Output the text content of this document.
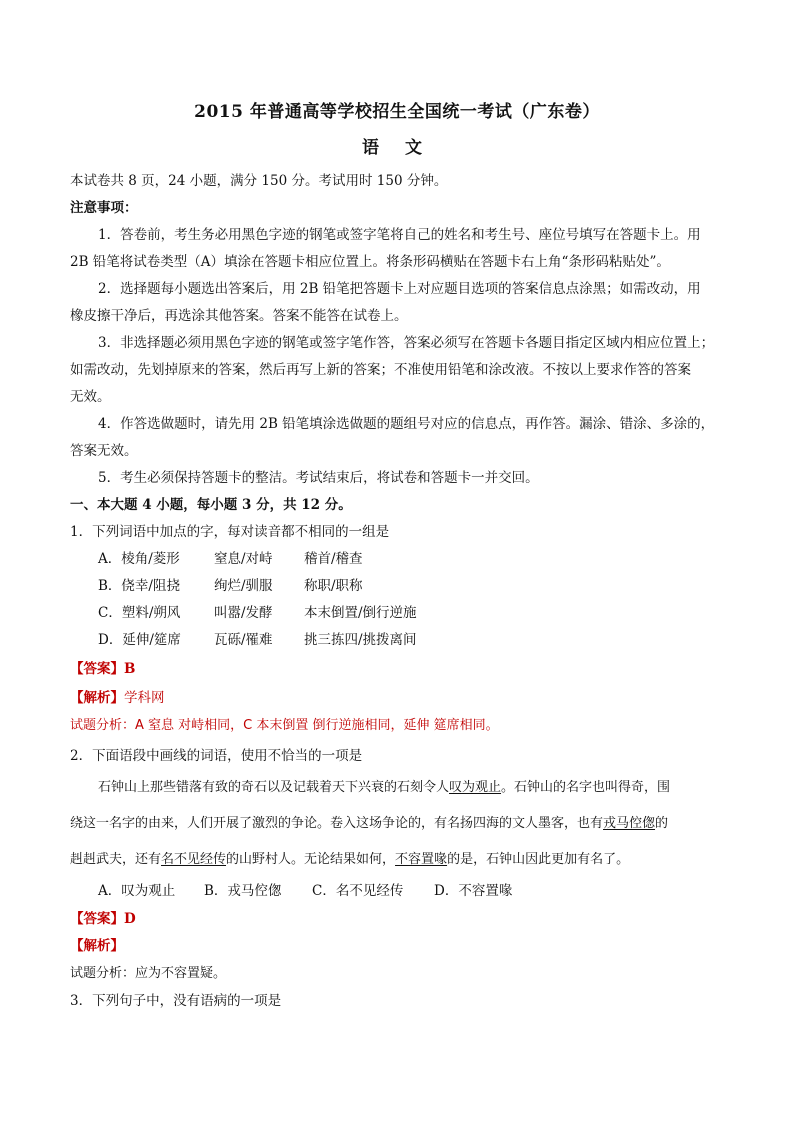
2015 年普通高等学校招生全国统一考试（广东卷）
语 文
本试卷共 8 页，24 小题，满分 150 分。考试用时 150 分钟。
注意事项：
1．答卷前，考生务必用黑色字迹的钢笔或签字笔将自己的姓名和考生号、座位号填写在答题卡上。用
2B 铅笔将试卷类型（A）填涂在答题卡相应位置上。将条形码横贴在答题卡右上角“条形码粘贴处”。
2．选择题每小题选出答案后，用 2B 铅笔把答题卡上对应题目选项的答案信息点涂黑；如需改动，用
橡皮擦干净后，再选涂其他答案。答案不能答在试卷上。
3．非选择题必须用黑色字迹的钢笔或签字笔作答，答案必须写在答题卡各题目指定区域内相应位置上；
如需改动，先划掉原来的答案，然后再写上新的答案；不准使用铅笔和涂改液。不按以上要求作答的答案
无效。
4．作答选做题时，请先用 2B 铅笔填涂选做题的题组号对应的信息点，再作答。漏涂、错涂、多涂的，
答案无效。
5．考生必须保持答题卡的整洁。考试结束后，将试卷和答题卡一并交回。
一、本大题 4 小题，每小题 3 分，共 12 分。
1．下列词语中加点的字，每对读音都不相同的一组是
A．棱角/菱形	窒息/对峙 稽首/稽查
B．侥幸/阻挠	绚烂/驯服 称职/职称
C．塑料/朔风 叫嚣/发酵 本末倒置/倒行逆施
D．延伸/筵席 瓦砾/罹难 挑三拣四/挑拨离间
【答案】B
【解析】学科网
试题分析：A 窒息 对峙相同，C 本末倒置 倒行逆施相同，延伸 筵席相同。
2．下面语段中画线的词语，使用不恰当的一项是
石钟山上那些错落有致的奇石以及记载着天下兴衰的石刻令人叹为观止。石钟山的名字也叫得奇，围
绕这一名字的由来，人们开展了激烈的争论。卷入这场争论的，有名扬四海的文人墨客，也有戎马倥偬的
赳赳武夫，还有名不见经传的山野村人。无论结果如何，不容置喙的是，石钟山因此更加有名了。
A．叹为观止 B．戎马倥偬 C．名不见经传 D．不容置喙
【答案】D
【解析】
试题分析：应为不容置疑。
3．下列句子中，没有语病的一项是
